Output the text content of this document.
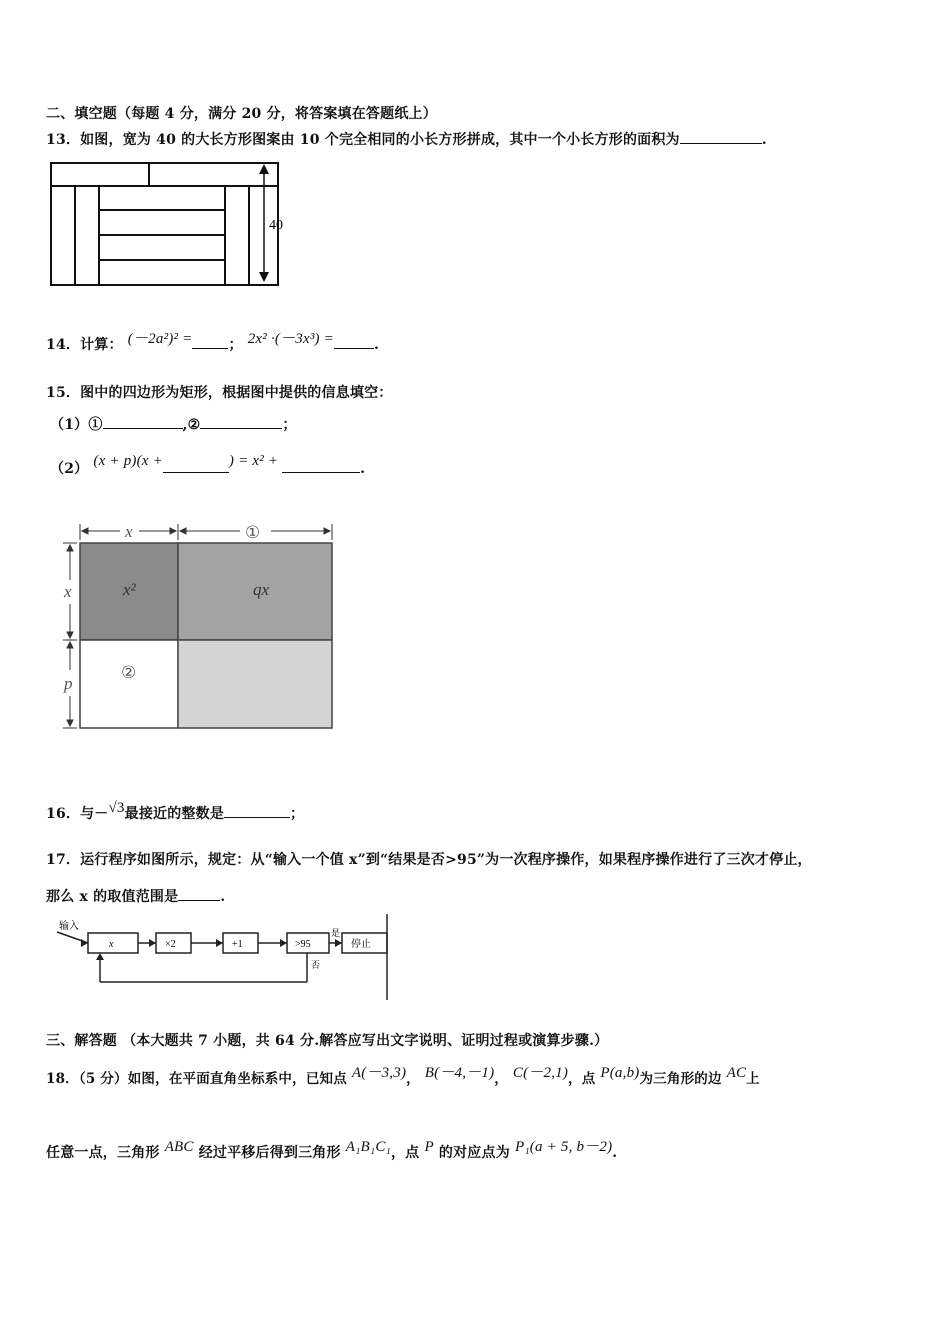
二、填空题（每题 4 分，满分 20 分，将答案填在答题纸上）
13．如图，宽为 40 的大长方形图案由 10 个完全相同的小长方形拼成，其中一个小长方形的面积为	.
40
14．计算： (－2a²)² =	； 2x² ·(－3x³) =	.
15．图中的四边形为矩形，根据图中提供的信息填空：
（1）①	,②	；
（2） (x + p)(x +	) = x² +	.
x	①
x
p
x²	qx
②
16．与－√3最接近的整数是	；
17．运行程序如图所示，规定：从“输入一个值 x”到“结果是否>95”为一次程序操作，如果程序操作进行了三次才停止，
那么 x 的取值范围是	.
输入
x	×2	+1	>95
是
停止
否
三、解答题 （本大题共 7 小题，共 64 分.解答应写出文字说明、证明过程或演算步骤.）
18．（5 分）如图，在平面直角坐标系中，已知点 A(－3,3)， B(－4,－1)， C(－2,1)，点 P(a,b)为三角形的边 AC上
任意一点，三角形 ABC 经过平移后得到三角形 A₁B₁C₁，点 P 的对应点为 P₁(a + 5, b－2).
